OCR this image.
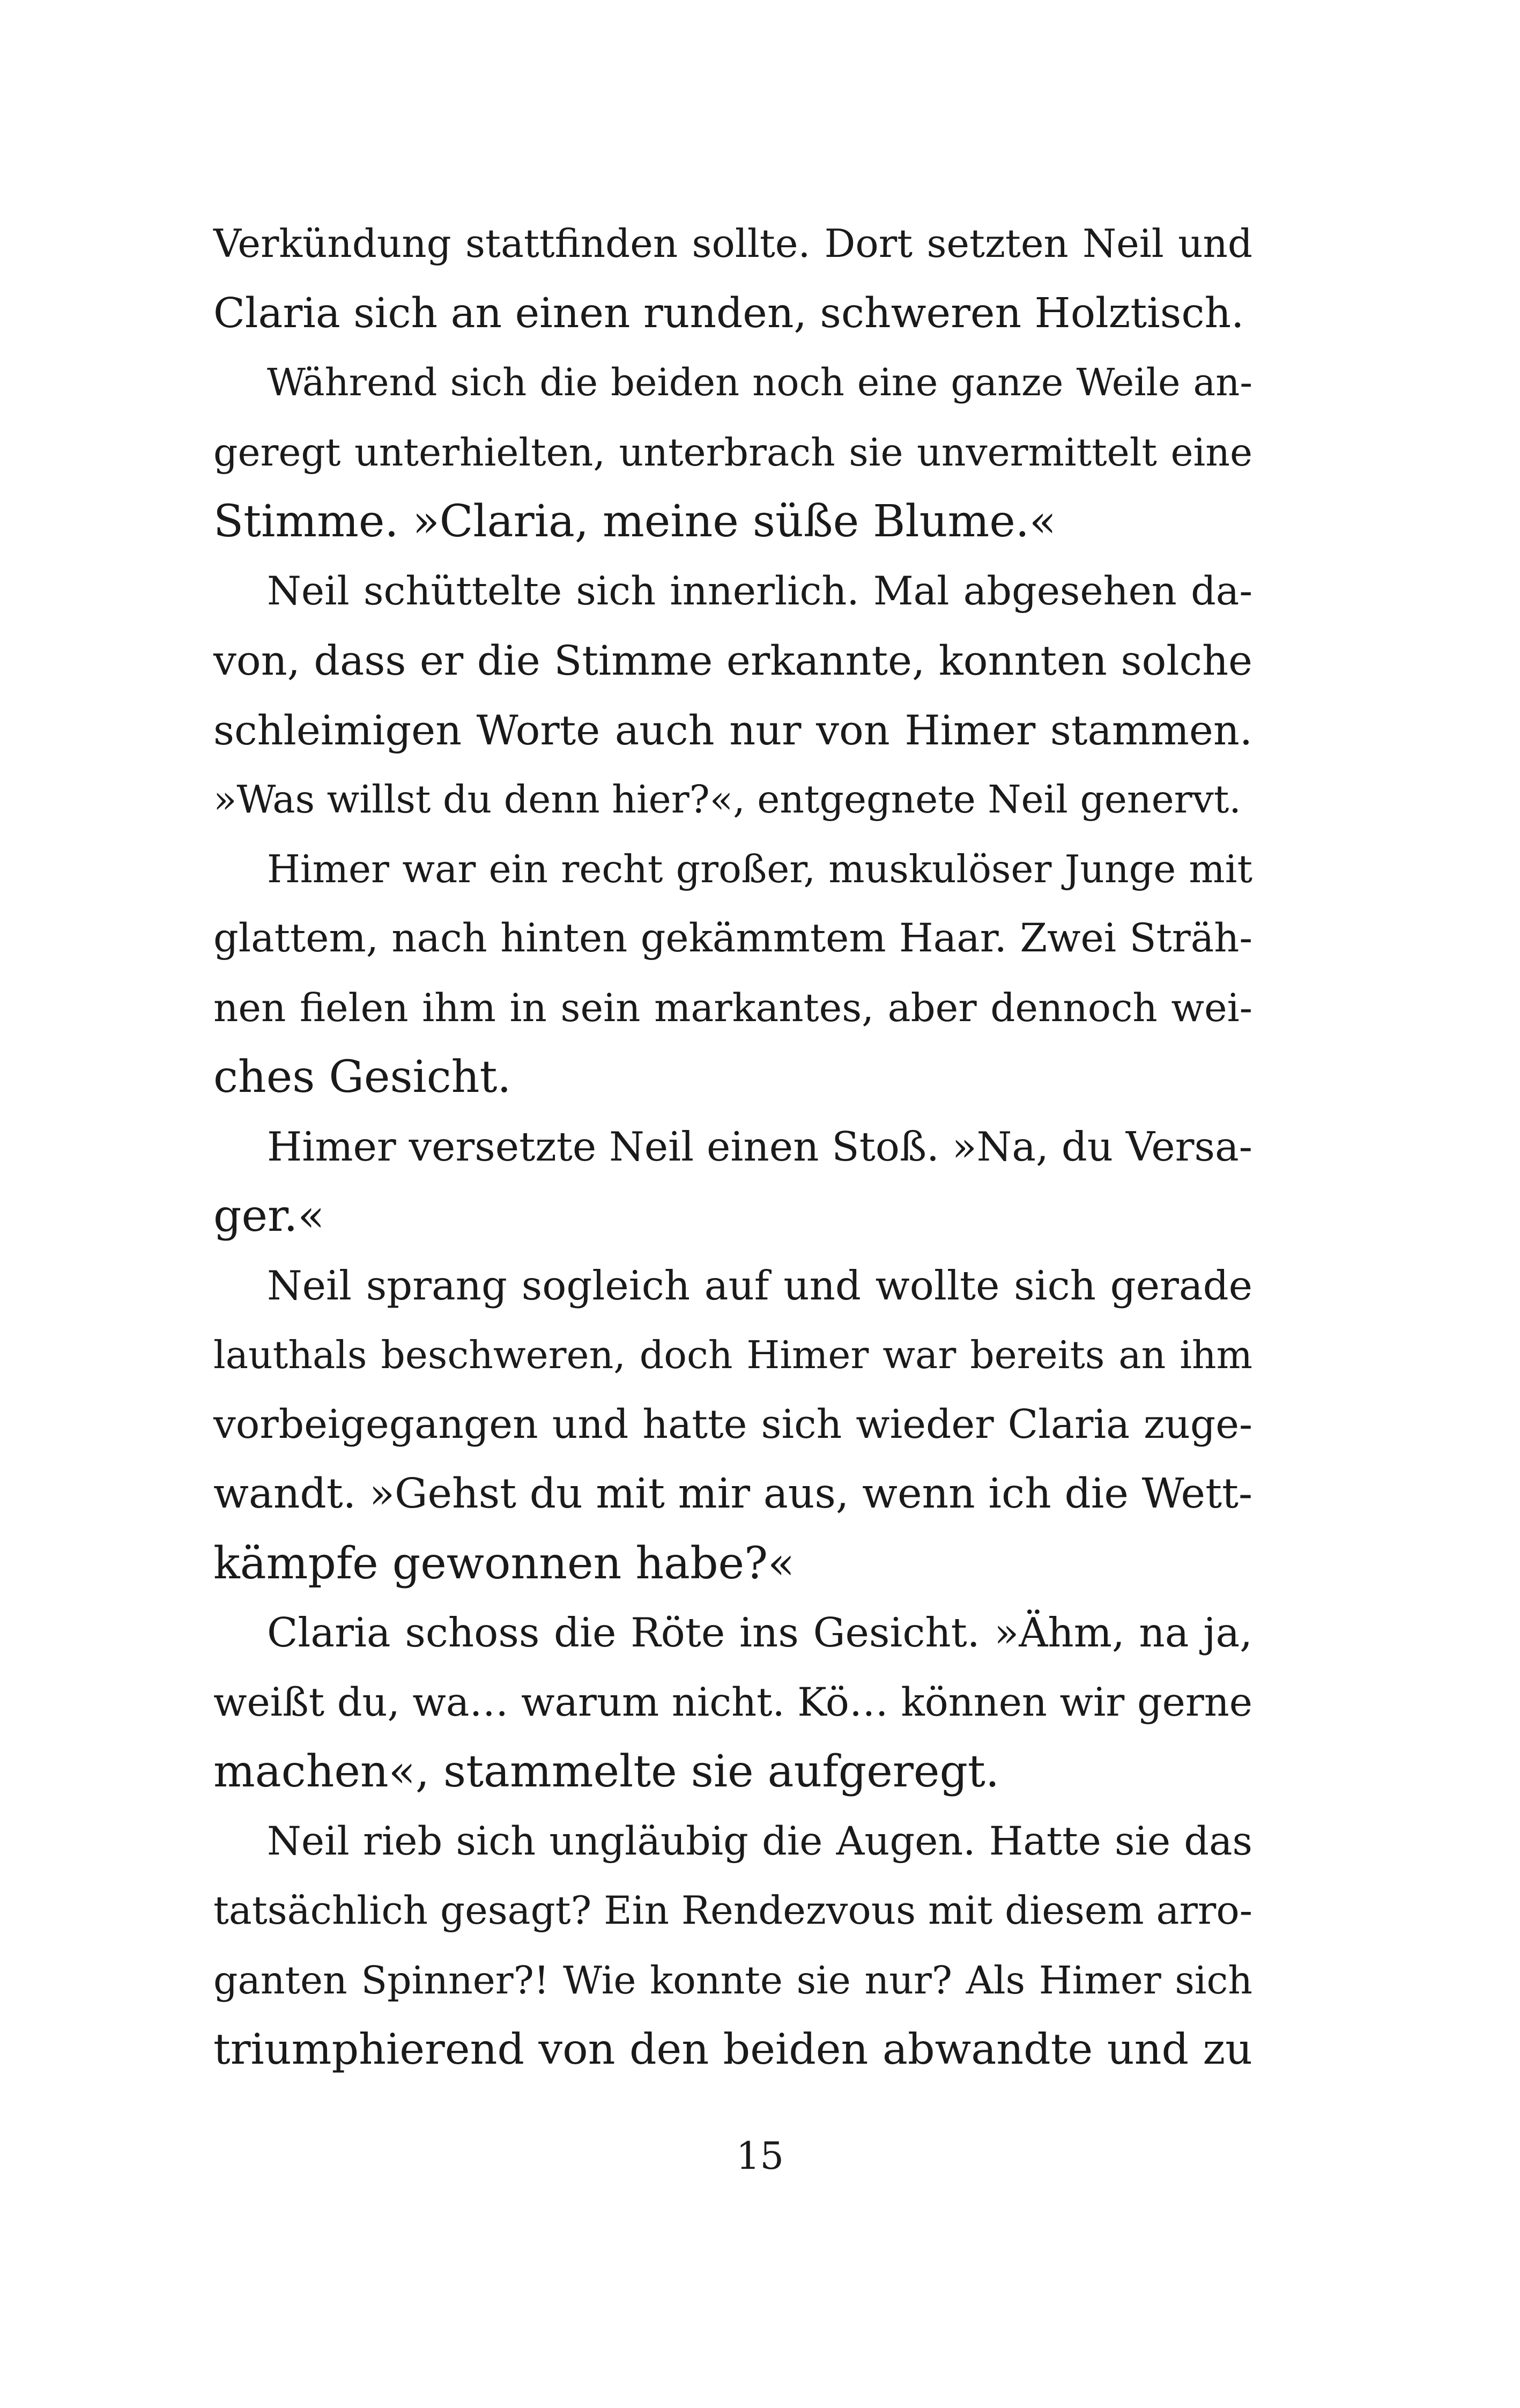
Verkündung stattfinden sollte. Dort setzten Neil und
Claria sich an einen runden, schweren Holztisch.
Während sich die beiden noch eine ganze Weile an-
geregt unterhielten, unterbrach sie unvermittelt eine
Stimme. »Claria, meine süße Blume.«
Neil schüttelte sich innerlich. Mal abgesehen da-
von, dass er die Stimme erkannte, konnten solche
schleimigen Worte auch nur von Himer stammen.
»Was willst du denn hier?«, entgegnete Neil genervt.
Himer war ein recht großer, muskulöser Junge mit
glattem, nach hinten gekämmtem Haar. Zwei Sträh-
nen fielen ihm in sein markantes, aber dennoch wei-
ches Gesicht.
Himer versetzte Neil einen Stoß. »Na, du Versa-
ger.«
Neil sprang sogleich auf und wollte sich gerade
lauthals beschweren, doch Himer war bereits an ihm
vorbeigegangen und hatte sich wieder Claria zuge-
wandt. »Gehst du mit mir aus, wenn ich die Wett-
kämpfe gewonnen habe?«
Claria schoss die Röte ins Gesicht. »Ähm, na ja,
weißt du, wa… warum nicht. Kö… können wir gerne
machen«, stammelte sie aufgeregt.
Neil rieb sich ungläubig die Augen. Hatte sie das
tatsächlich gesagt? Ein Rendezvous mit diesem arro-
ganten Spinner?! Wie konnte sie nur? Als Himer sich
triumphierend von den beiden abwandte und zu
15
